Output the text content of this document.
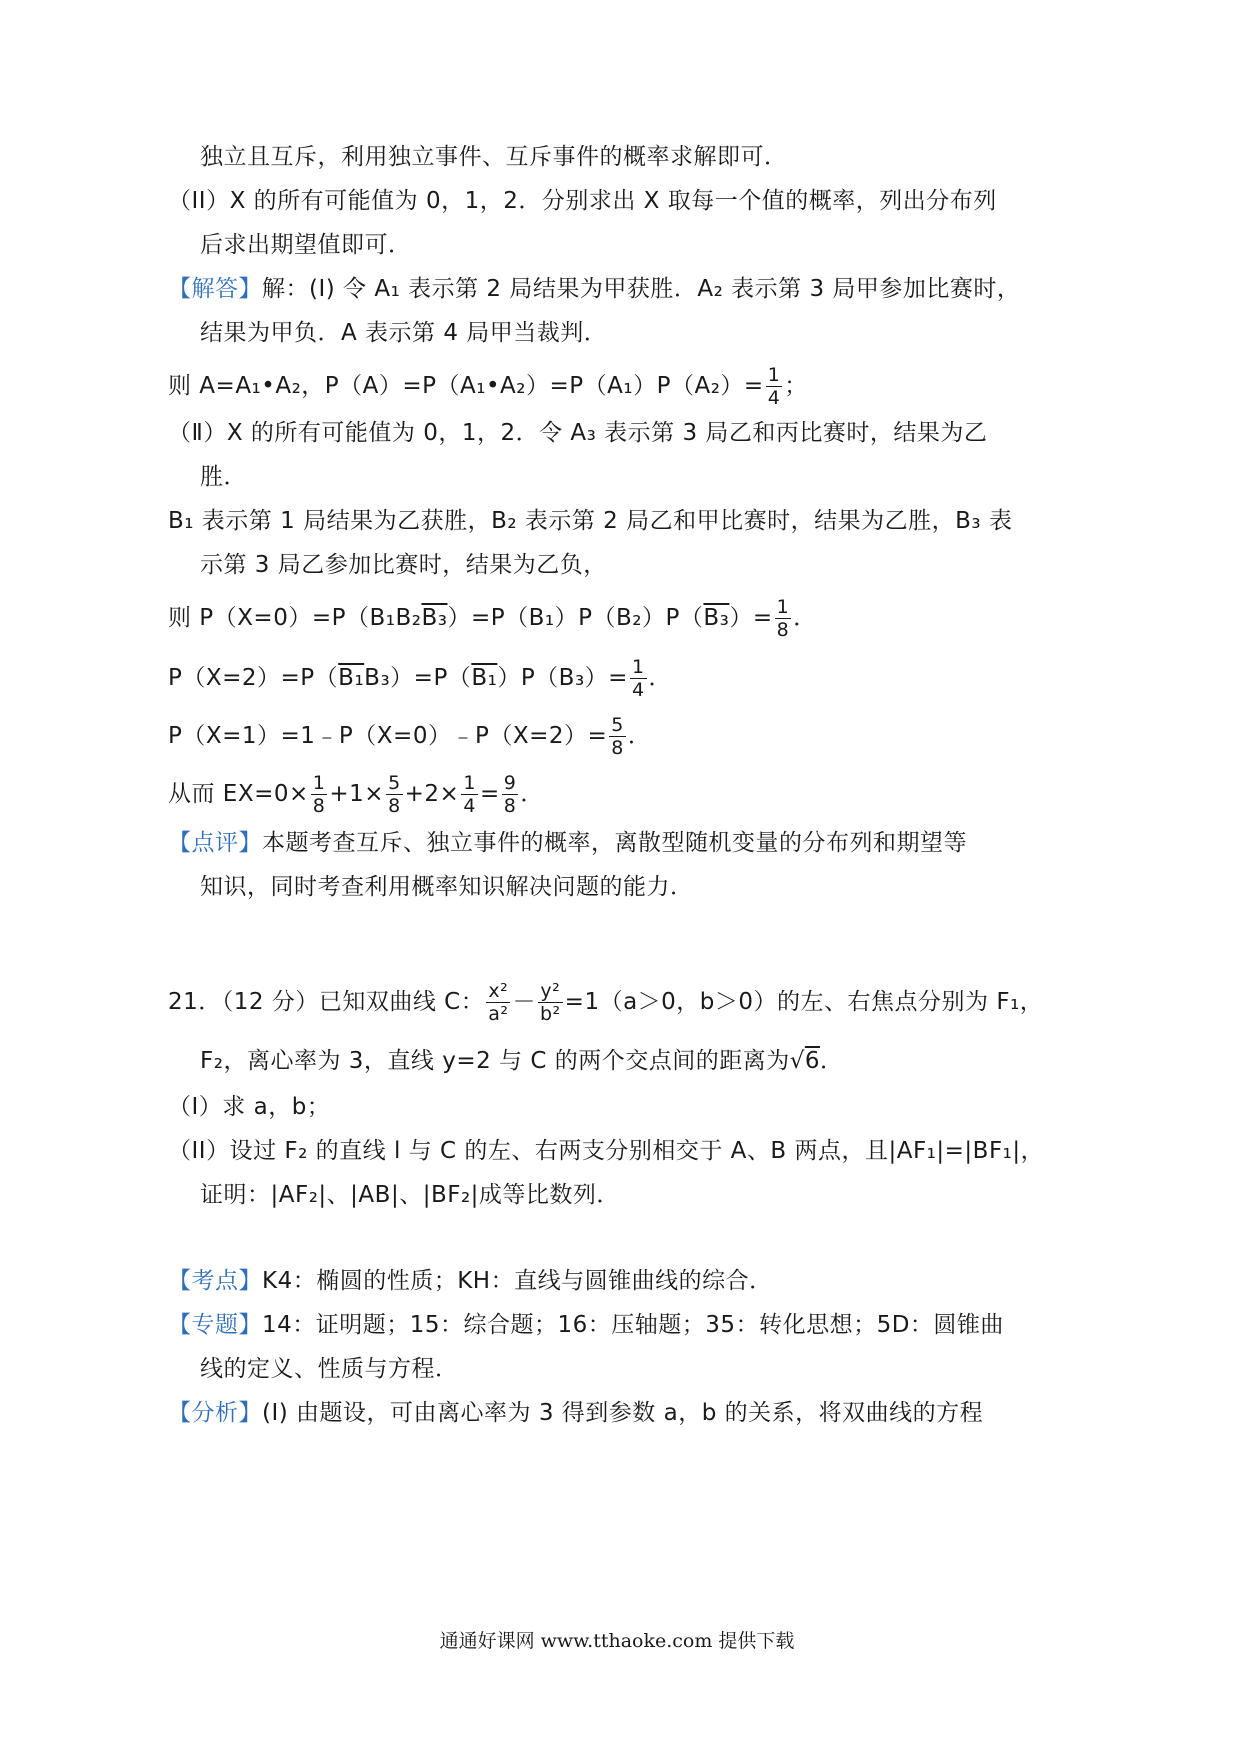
独立且互斥，利用独立事件、互斥事件的概率求解即可．
（II）X 的所有可能值为 0，1，2．分别求出 X 取每一个值的概率，列出分布列
后求出期望值即可．
【解答】解：(I) 令 A₁ 表示第 2 局结果为甲获胜．A₂ 表示第 3 局甲参加比赛时，
结果为甲负．A 表示第 4 局甲当裁判．
则 A=A₁•A₂，P（A）=P（A₁•A₂）=P（A₁）P（A₂）= $\frac{1}{4}$ ；
（Ⅱ）X 的所有可能值为 0，1，2．令 A₃ 表示第 3 局乙和丙比赛时，结果为乙
胜．
B₁ 表示第 1 局结果为乙获胜，B₂ 表示第 2 局乙和甲比赛时，结果为乙胜，B₃ 表
示第 3 局乙参加比赛时，结果为乙负，
则 $P(X=0)=P(B_1B_2B_3)=P(B_1)P(B_2)P(B_3)= \frac{1}{8}$ ．
$P(X=2)=P(B_1B_3)=P(B_1)P(B_3)= \frac{1}{4}$ ．
P（X=1）=1﹣P（X=0）﹣P（X=2）= $\frac{5}{8}$ ．
从而 $EX=0\times \frac{1}{8} +1\times \frac{5}{8} +2\times \frac{1}{4} = \frac{9}{8}$ ．
【点评】本题考查互斥、独立事件的概率，离散型随机变量的分布列和期望等
知识，同时考查利用概率知识解决问题的能力．
21．（12 分）已知双曲线 C： $\frac{\text{x²}}{\text{a²}} - \frac{\text{y²}}{\text{b²}} =1(a>0$，b＞0）的左、右焦点分别为 F₁，
F₂，离心率为 3，直线 y=2 与 C 的两个交点间的距离为√6．
（I）求 a，b；
（II）设过 F₂ 的直线 l 与 C 的左、右两支分别相交于 A、B 两点，且|AF₁|=|BF₁|，
证明：|AF₂|、|AB|、|BF₂|成等比数列．
【考点】K4：椭圆的性质；KH：直线与圆锥曲线的综合．
【专题】14：证明题；15：综合题；16：压轴题；35：转化思想；5D：圆锥曲
线的定义、性质与方程．
【分析】(I) 由题设，可由离心率为 3 得到参数 a，b 的关系，将双曲线的方程
通通好课网 www.tthaoke.com 提供下载
